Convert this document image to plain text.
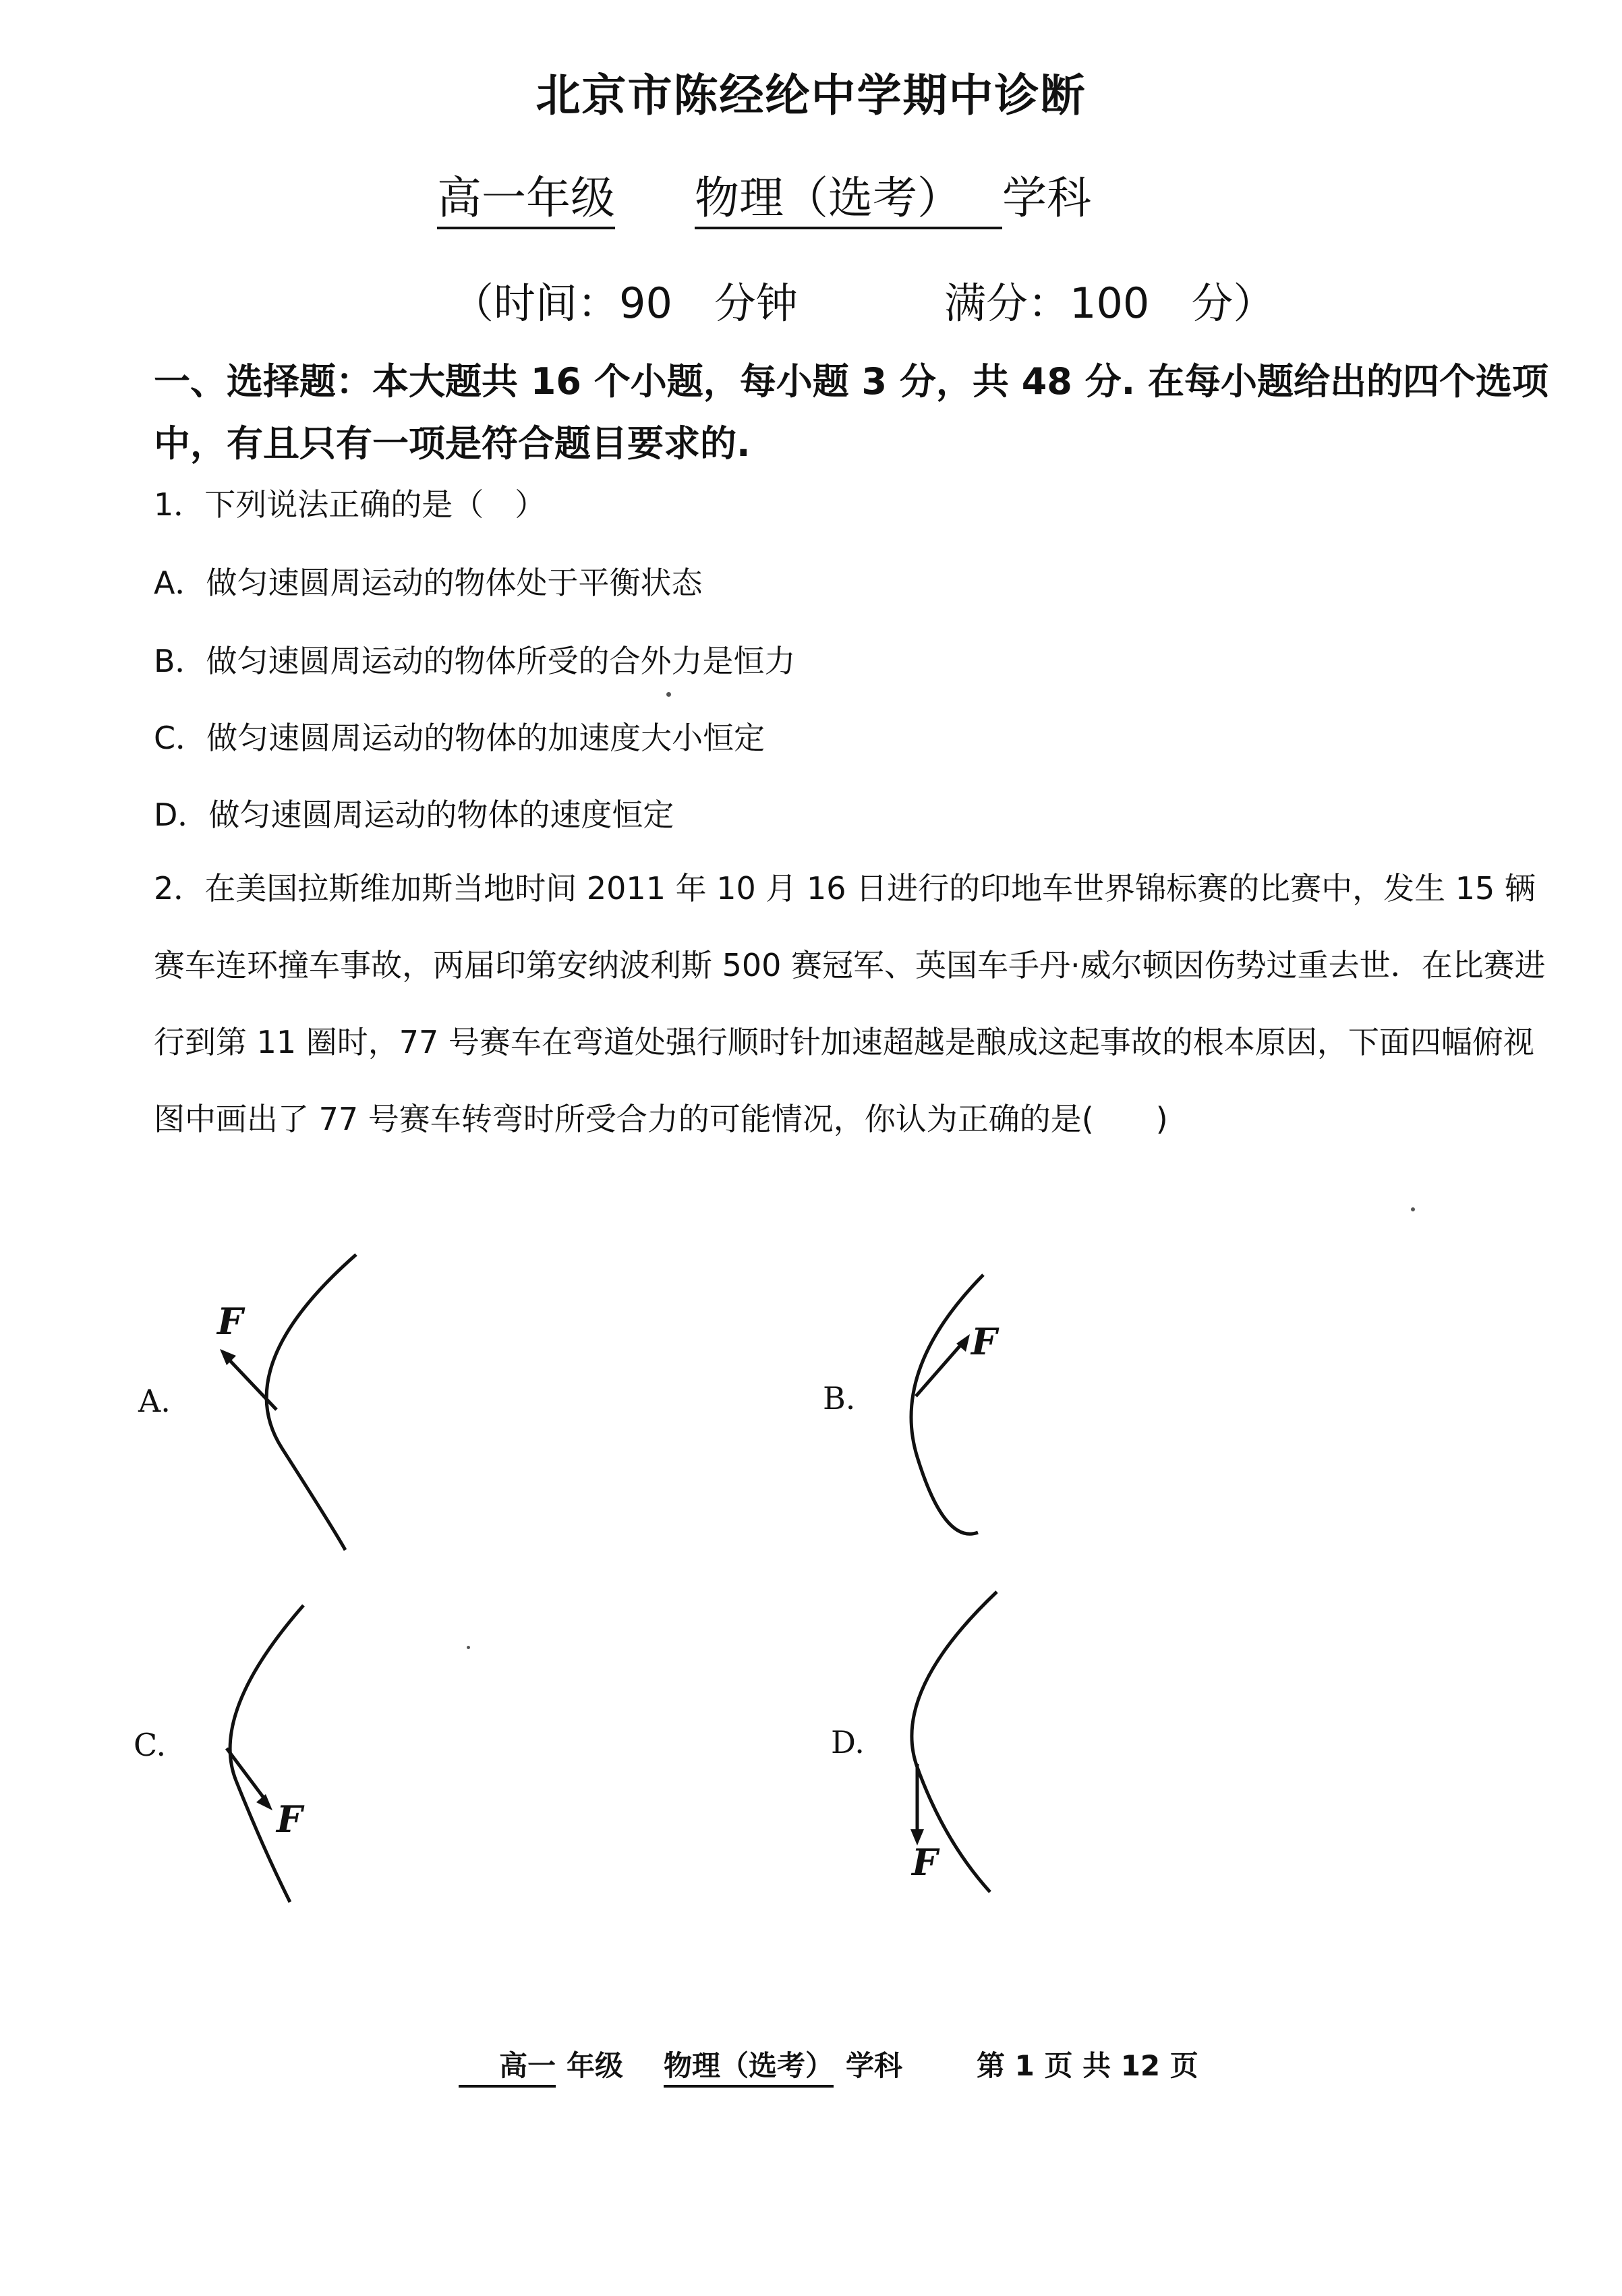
北京市陈经纶中学期中诊断
高一年级 物理（选考） 学科
（时间：90　分钟	满分：100　分）
一、选择题：本大题共 16 个小题，每小题 3 分，共 48 分. 在每小题给出的四个选项中，有且只有一项是符合题目要求的.
1．下列说法正确的是（　）
A．做匀速圆周运动的物体处于平衡状态
B．做匀速圆周运动的物体所受的合外力是恒力
C．做匀速圆周运动的物体的加速度大小恒定
D．做匀速圆周运动的物体的速度恒定
2．在美国拉斯维加斯当地时间 2011 年 10 月 16 日进行的印地车世界锦标赛的比赛中，发生 15 辆赛车连环撞车事故，两届印第安纳波利斯 500 赛冠军、英国车手丹·威尔顿因伤势过重去世．在比赛进行到第 11 圈时，77 号赛车在弯道处强行顺时针加速超越是酿成这起事故的根本原因，下面四幅俯视图中画出了 77 号赛车转弯时所受合力的可能情况，你认为正确的是(　　)
A.
F
B.
F
C.
F
D.
F
高一 年级 物理（选考） 学科	第 1 页 共 12 页
